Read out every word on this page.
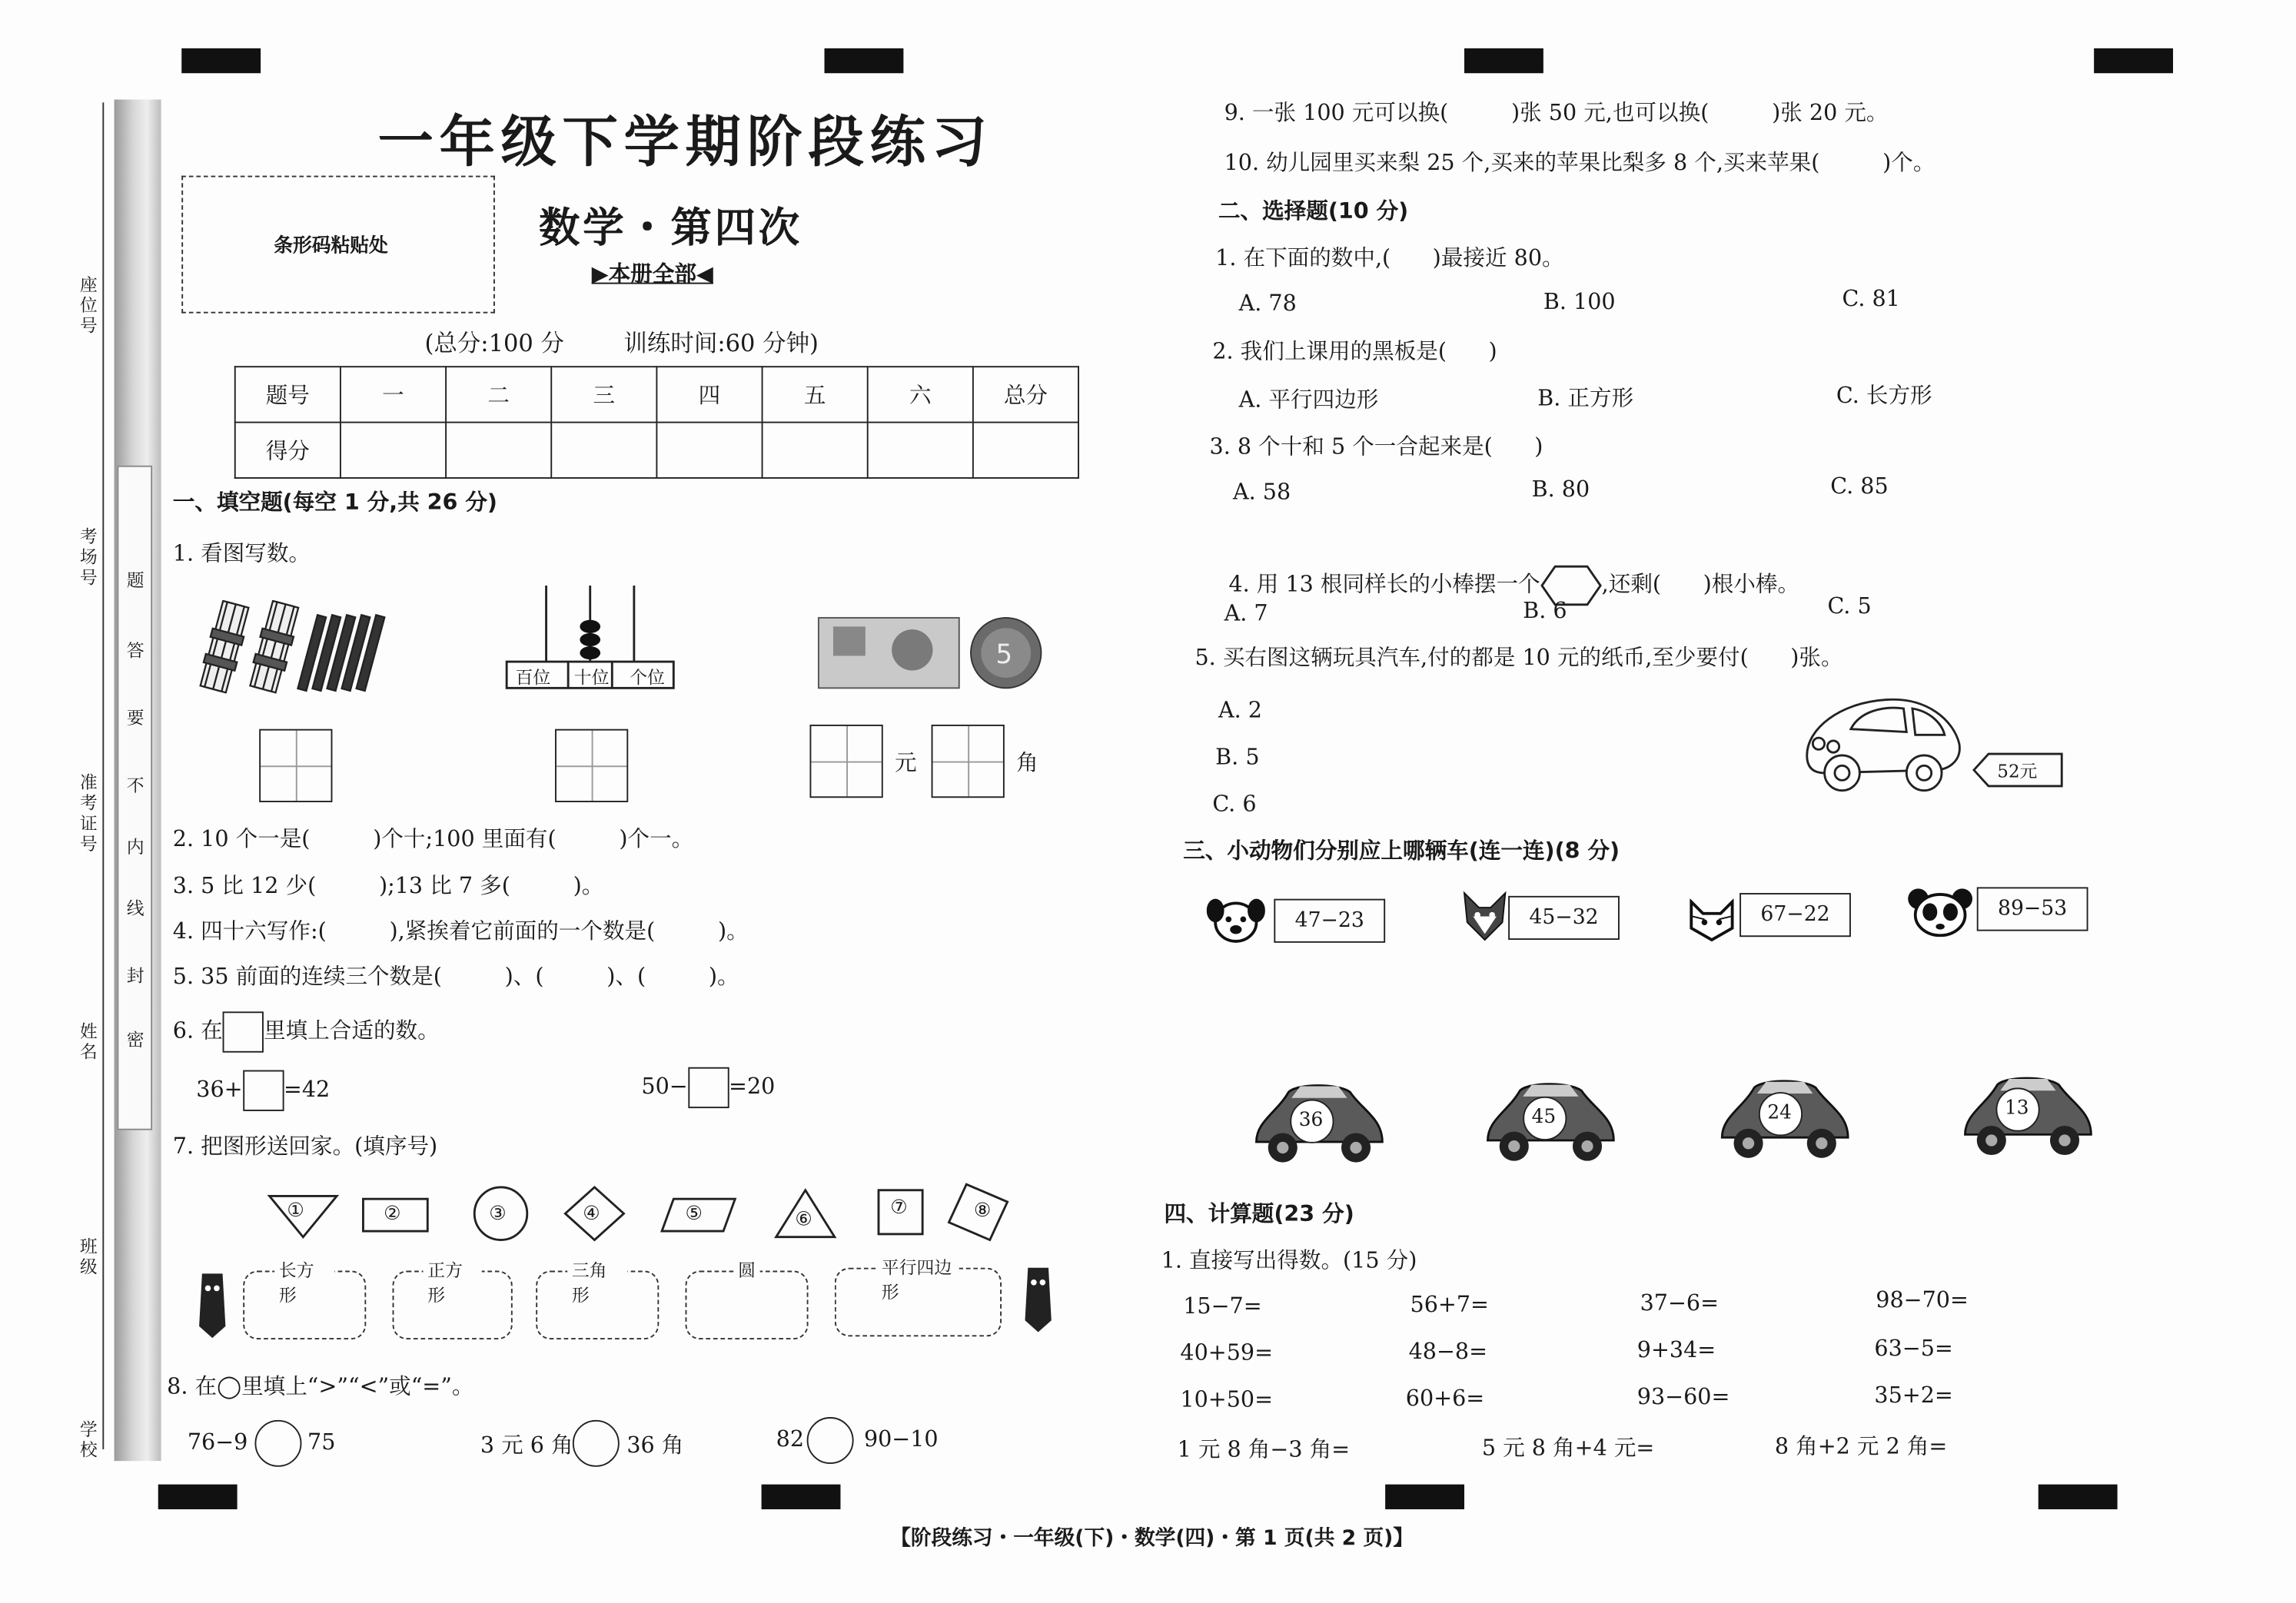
座位号
考场号
准考证号
姓名
班级
学校
题
答
要
不
内
线
封
密
一年级下学期阶段练习
条形码粘贴处	数学・第四次
▶本册全部◀
(总分:100 分        训练时间:60 分钟)
题号	一	二	三	四	五	六	总分
得分							
一、填空题(每空 1 分,共 26 分)
1. 看图写数。
百位	十位 个位
5
元	角
2. 10 个一是(         )个十;100 里面有(         )个一。
3. 5 比 12 少(         );13 比 7 多(         )。
4. 四十六写作:(         ),紧挨着它前面的一个数是(         )。
5. 35 前面的连续三个数是(         )、(         )、(         )。
6. 在	里填上合适的数。
36+	=42	50−	=20
7. 把图形送回家。(填序号)
①	②	③	④	⑤	⑥
⑦	⑧
长方形
正方形
三角形
圆	平行四边形
8. 在◯里填上“>”“<”或“=”。
76−9	75	3 元 6 角	36 角	82	90−10
9. 一张 100 元可以换(         )张 50 元,也可以换(         )张 20 元。
10. 幼儿园里买来梨 25 个,买来的苹果比梨多 8 个,买来苹果(         )个。
二、选择题(10 分)
1. 在下面的数中,(      )最接近 80。
A. 78	B. 100	C. 81
2. 我们上课用的黑板是(      )
A. 平行四边形	B. 正方形	C. 长方形
3. 8 个十和 5 个一合起来是(      )
A. 58	B. 80	C. 85

4. 用 13 根同样长的小棒摆一个	,还剩(      )根小棒。

A. 7	B. 6	C. 5
5. 买右图这辆玩具汽车,付的都是 10 元的纸币,至少要付(      )张。
A. 2
B. 5
C. 6
52元
三、小动物们分别应上哪辆车(连一连)(8 分)
47−23	45−32	67−22	89−53
36	45	24	13
四、计算题(23 分)
1. 直接写出得数。(15 分)
15−7=	56+7=	37−6=	98−70=
40+59=	48−8=	9+34=	63−5=
10+50=	60+6=	93−60=	35+2=
1 元 8 角−3 角=	5 元 8 角+4 元=	8 角+2 元 2 角=
【阶段练习・一年级(下)・数学(四)・第 1 页(共 2 页)】
